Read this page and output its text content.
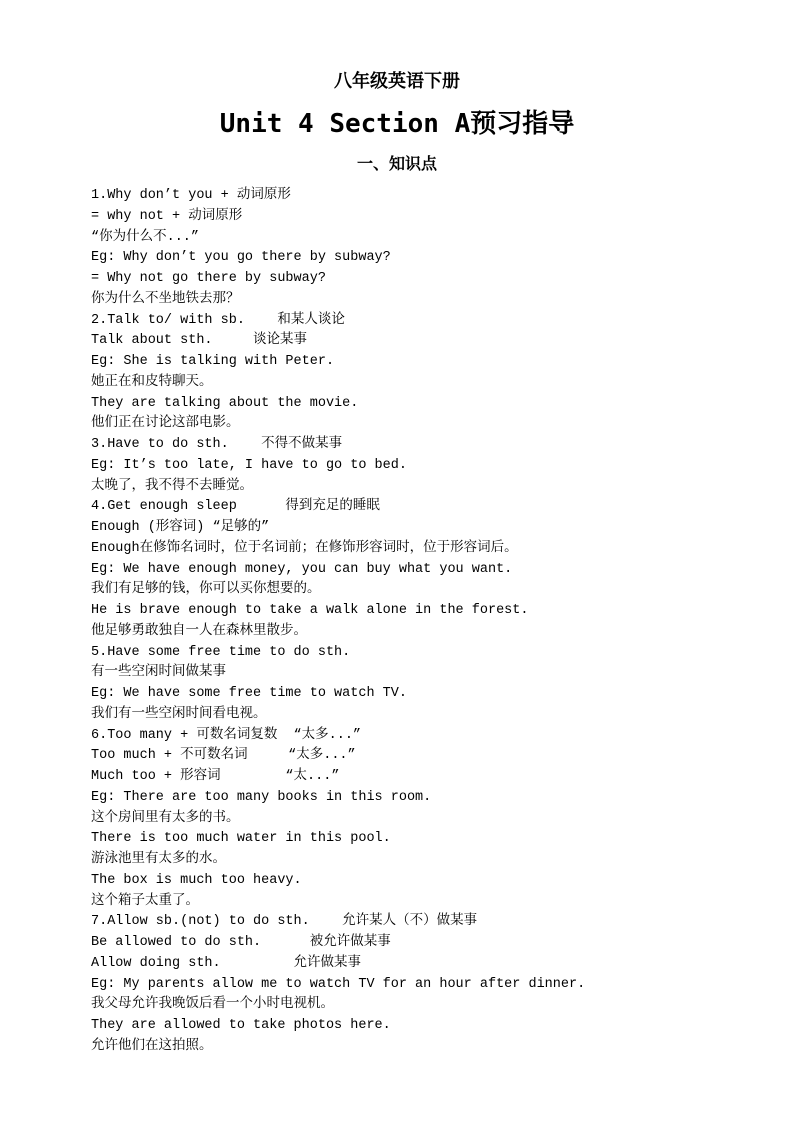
八年级英语下册
Unit 4 Section A预习指导
一、知识点
1.Why don’t you + 动词原形
= why not + 动词原形
“你为什么不...”
Eg: Why don’t you go there by subway?
= Why not go there by subway?
你为什么不坐地铁去那？
2.Talk to/ with sb.    和某人谈论
Talk about sth.     谈论某事
Eg: She is talking with Peter.
她正在和皮特聊天。
They are talking about the movie.
他们正在讨论这部电影。
3.Have to do sth.    不得不做某事
Eg: It’s too late, I have to go to bed.
太晚了，我不得不去睡觉。
4.Get enough sleep      得到充足的睡眠
Enough (形容词) “足够的”
Enough在修饰名词时，位于名词前；在修饰形容词时，位于形容词后。
Eg: We have enough money, you can buy what you want.
我们有足够的钱，你可以买你想要的。
He is brave enough to take a walk alone in the forest.
他足够勇敢独自一人在森林里散步。
5.Have some free time to do sth.
有一些空闲时间做某事
Eg: We have some free time to watch TV.
我们有一些空闲时间看电视。
6.Too many + 可数名词复数  “太多...”
Too much + 不可数名词     “太多...”
Much too + 形容词        “太...”
Eg: There are too many books in this room.
这个房间里有太多的书。
There is too much water in this pool.
游泳池里有太多的水。
The box is much too heavy.
这个箱子太重了。
7.Allow sb.(not) to do sth.    允许某人（不）做某事
Be allowed to do sth.      被允许做某事
Allow doing sth.         允许做某事
Eg: My parents allow me to watch TV for an hour after dinner.
我父母允许我晚饭后看一个小时电视机。
They are allowed to take photos here.
允许他们在这拍照。
